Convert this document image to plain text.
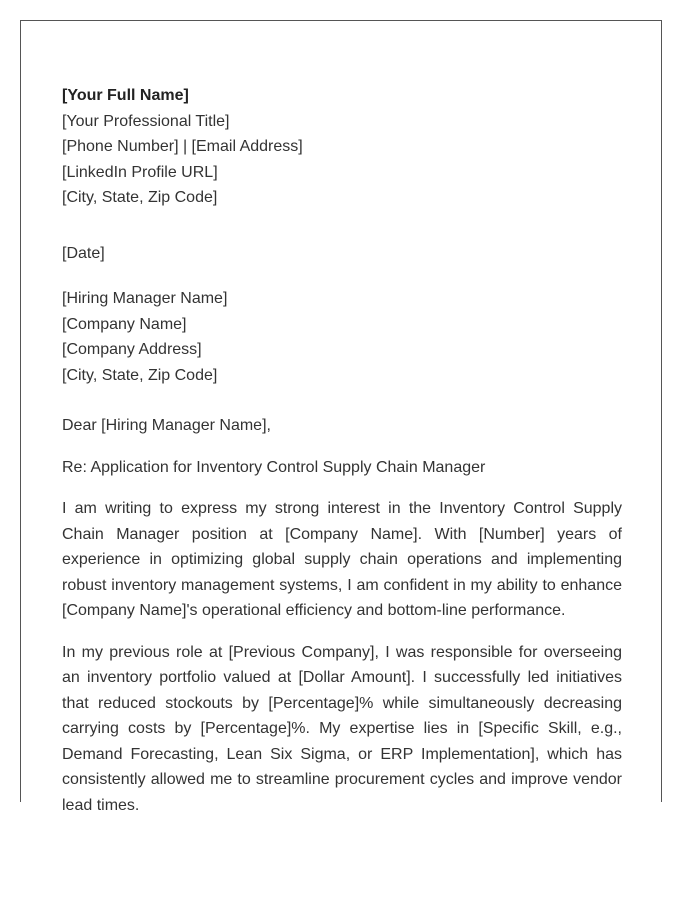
[Your Full Name]
[Your Professional Title]
[Phone Number] | [Email Address]
[LinkedIn Profile URL]
[City, State, Zip Code]
[Date]
[Hiring Manager Name]
[Company Name]
[Company Address]
[City, State, Zip Code]
Dear [Hiring Manager Name],
Re: Application for Inventory Control Supply Chain Manager

I am writing to express my strong interest in the Inventory Control Supply Chain Manager position at [Company Name]. With [Number] years of experience in optimizing global supply chain operations and implementing robust inventory management systems, I am confident in my ability to enhance [Company Name]'s operational efficiency and bottom-line performance.

In my previous role at [Previous Company], I was responsible for overseeing an inventory portfolio valued at [Dollar Amount]. I successfully led initiatives that reduced stockouts by [Percentage]% while simultaneously decreasing carrying costs by [Percentage]%. My expertise lies in [Specific Skill, e.g., Demand Forecasting, Lean Six Sigma, or ERP Implementation], which has consistently allowed me to streamline procurement cycles and improve vendor lead times.
